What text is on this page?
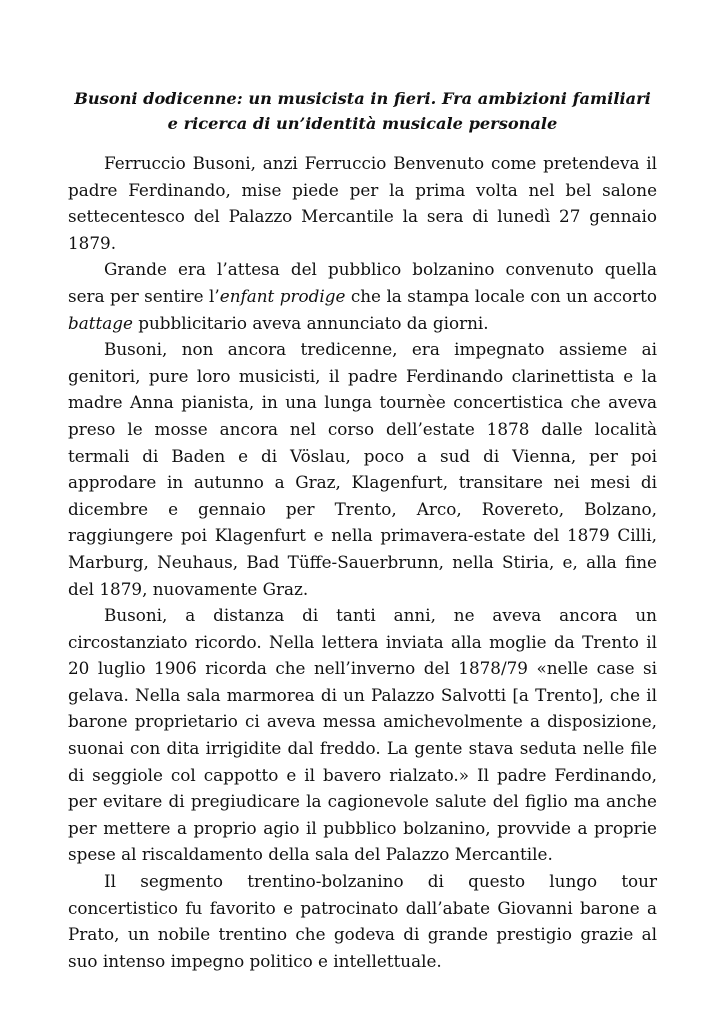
Busoni dodicenne: un musicista in fieri. Fra ambizioni familiari e ricerca di un’identità musicale personale

Ferruccio Busoni, anzi Ferruccio Benvenuto come pretendeva il padre Ferdinando, mise piede per la prima volta nel bel salone settecentesco del Palazzo Mercantile la sera di lunedì 27 gennaio 1879.

Grande era l’attesa del pubblico bolzanino convenuto quella sera per sentire l’enfant prodige che la stampa locale con un accorto battage pubblicitario aveva annunciato da giorni.

Busoni, non ancora tredicenne, era impegnato assieme ai genitori, pure loro musicisti, il padre Ferdinando clarinettista e la madre Anna pianista, in una lunga tournèe concertistica che aveva preso le mosse ancora nel corso dell’estate 1878 dalle località termali di Baden e di Vöslau, poco a sud di Vienna, per poi approdare in autunno a Graz, Klagenfurt, transitare nei mesi di dicembre e gennaio per Trento, Arco, Rovereto, Bolzano, raggiungere poi Klagenfurt e nella primavera-estate del 1879 Cilli, Marburg, Neuhaus, Bad Tüffe-Sauerbrunn, nella Stiria, e, alla fine del 1879, nuovamente Graz.

Busoni, a distanza di tanti anni, ne aveva ancora un circostanziato ricordo. Nella lettera inviata alla moglie da Trento il 20 luglio 1906 ricorda che nell’inverno del 1878/79 «nelle case si gelava. Nella sala marmorea di un Palazzo Salvotti [a Trento], che il barone proprietario ci aveva messa amichevolmente a disposizione, suonai con dita irrigidite dal freddo. La gente stava seduta nelle file di seggiole col cappotto e il bavero rialzato.» Il padre Ferdinando, per evitare di pregiudicare la cagionevole salute del figlio ma anche per mettere a proprio agio il pubblico bolzanino, provvide a proprie spese al riscaldamento della sala del Palazzo Mercantile.

Il segmento trentino-bolzanino di questo lungo tour concertistico fu favorito e patrocinato dall’abate Giovanni barone a Prato, un nobile trentino che godeva di grande prestigio grazie al suo intenso impegno politico e intellettuale.
